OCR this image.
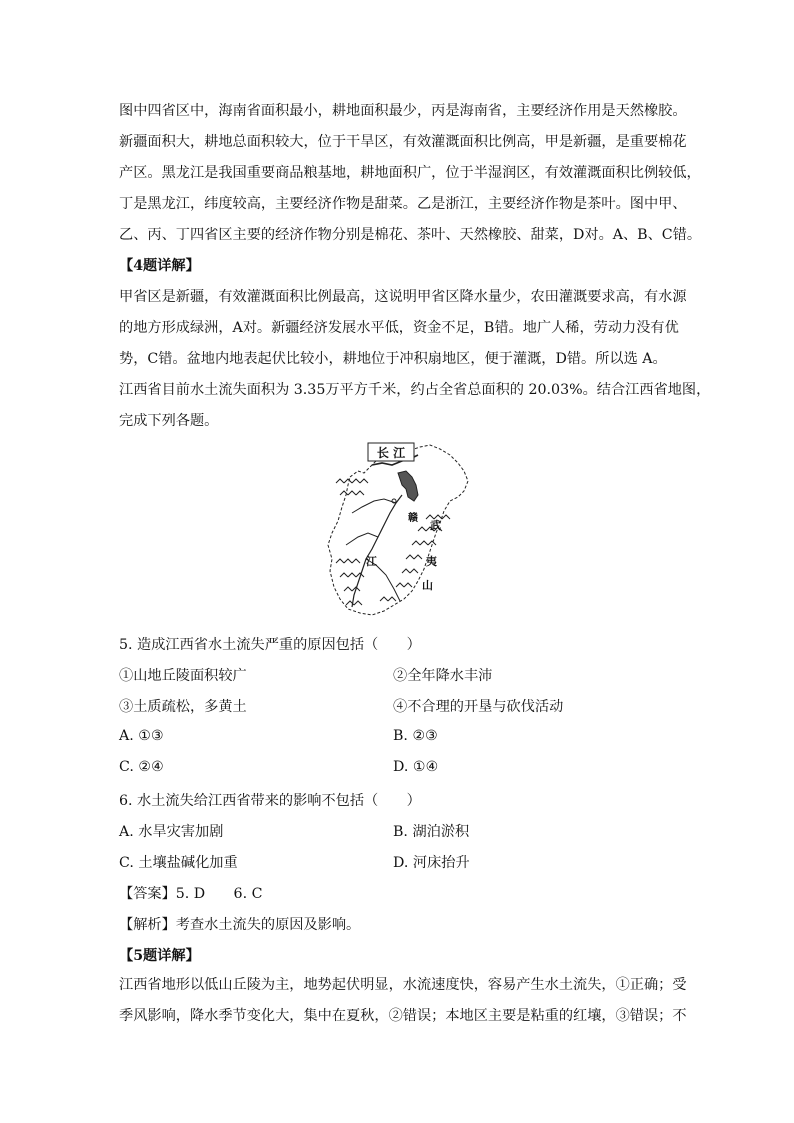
图中四省区中，海南省面积最小，耕地面积最少，丙是海南省，主要经济作用是天然橡胶。
新疆面积大，耕地总面积较大，位于干旱区，有效灌溉面积比例高，甲是新疆，是重要棉花
产区。黑龙江是我国重要商品粮基地，耕地面积广，位于半湿润区，有效灌溉面积比例较低，
丁是黑龙江，纬度较高，主要经济作物是甜菜。乙是浙江，主要经济作物是茶叶。图中甲、
乙、丙、丁四省区主要的经济作物分别是棉花、茶叶、天然橡胶、甜菜，D对。A、B、C错。
【4题详解】
甲省区是新疆，有效灌溉面积比例最高，这说明甲省区降水量少，农田灌溉要求高，有水源
的地方形成绿洲，A对。新疆经济发展水平低，资金不足，B错。地广人稀，劳动力没有优
势，C错。盆地内地表起伏比较小，耕地位于冲积扇地区，便于灌溉，D错。所以选 A。
江西省目前水土流失面积为 3.35万平方千米，约占全省总面积的 20.03%。结合江西省地图，
完成下列各题。
长 江
赣
武
江	夷
山
5. 造成江西省水土流失严重的原因包括（　　）
①山地丘陵面积较广	②全年降水丰沛
③土质疏松，多黄土	④不合理的开垦与砍伐活动
A. ①③	B. ②③
C. ②④	D. ①④
6. 水土流失给江西省带来的影响不包括（　　）
A. 水旱灾害加剧	B. 湖泊淤积
C. 土壤盐碱化加重	D. 河床抬升
【答案】5. D　　6. C
【解析】考查水土流失的原因及影响。
【5题详解】
江西省地形以低山丘陵为主，地势起伏明显，水流速度快，容易产生水土流失，①正确；受
季风影响，降水季节变化大，集中在夏秋，②错误；本地区主要是粘重的红壤，③错误；不
